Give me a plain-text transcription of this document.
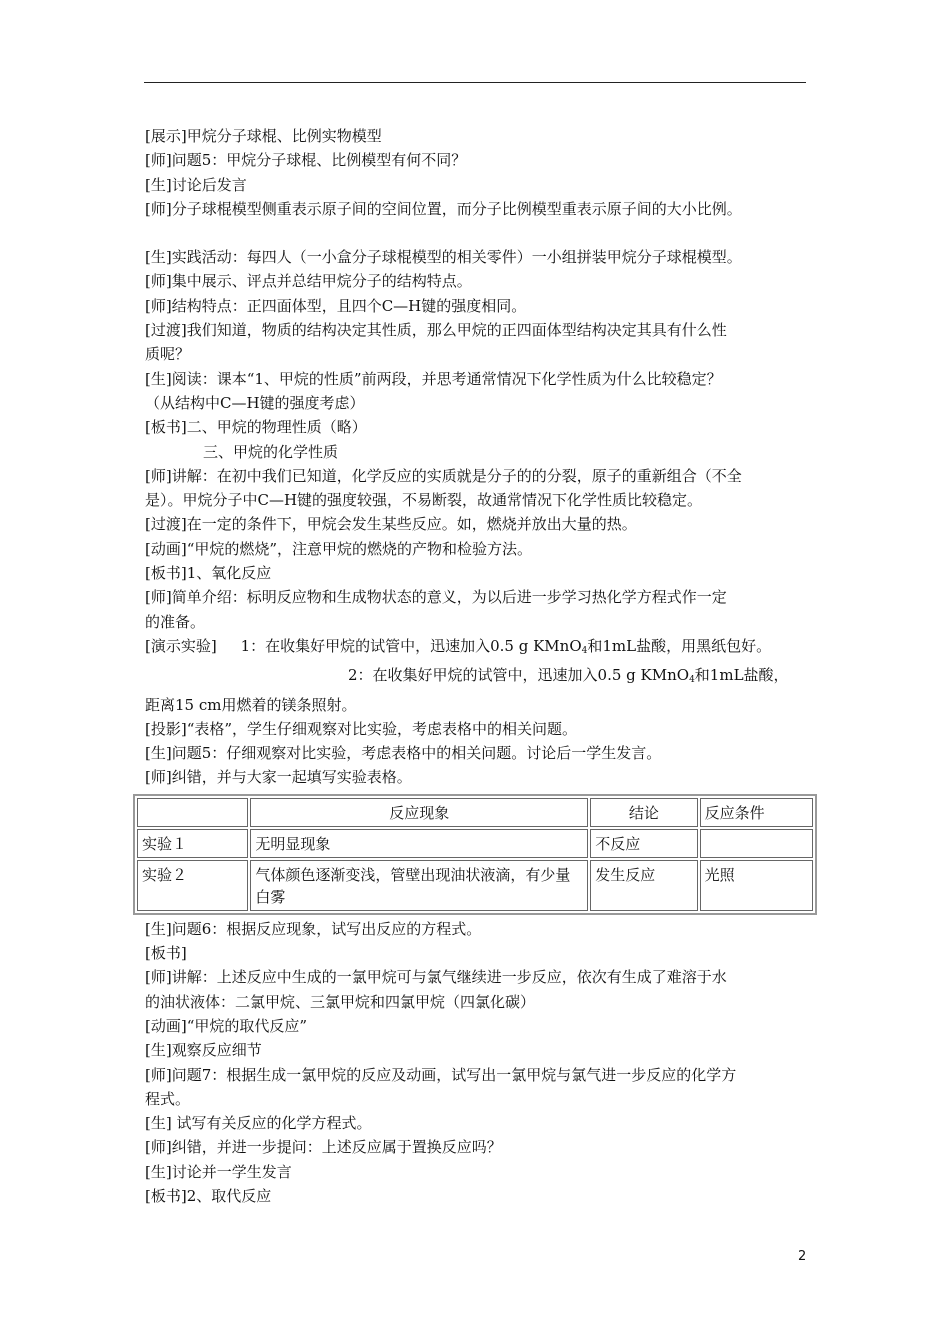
[展示]甲烷分子球棍、比例实物模型

[师]问题5：甲烷分子球棍、比例模型有何不同？

[生]讨论后发言

[师]分子球棍模型侧重表示原子间的空间位置，而分子比例模型重表示原子间的大小比例。

[生]实践活动：每四人（一小盒分子球棍模型的相关零件）一小组拼装甲烷分子球棍模型。

[师]集中展示、评点并总结甲烷分子的结构特点。

[师]结构特点：正四面体型，且四个C—H键的强度相同。

[过渡]我们知道，物质的结构决定其性质，那么甲烷的正四面体型结构决定其具有什么性

质呢？

[生]阅读：课本“1、甲烷的性质”前两段，并思考通常情况下化学性质为什么比较稳定？

（从结构中C—H键的强度考虑）

[板书]二、甲烷的物理性质（略）

三、甲烷的化学性质

[师]讲解：在初中我们已知道，化学反应的实质就是分子的的分裂，原子的重新组合（不全

是）。甲烷分子中C—H键的强度较强，不易断裂，故通常情况下化学性质比较稳定。

[过渡]在一定的条件下，甲烷会发生某些反应。如，燃烧并放出大量的热。

[动画]“甲烷的燃烧”，注意甲烷的燃烧的产物和检验方法。

[板书]1、氧化反应

[师]简单介绍：标明反应物和生成物状态的意义，为以后进一步学习热化学方程式作一定

的准备。

[演示实验] 1：在收集好甲烷的试管中，迅速加入0.5 g KMnO$_4$和1mL盐酸，用黑纸包好。

2：在收集好甲烷的试管中，迅速加入0.5 g KMnO$_4$和1mL盐酸，

距离15 cm用燃着的镁条照射。

[投影]“表格”，学生仔细观察对比实验，考虑表格中的相关问题。

[生]问题5：仔细观察对比实验，考虑表格中的相关问题。讨论后一学生发言。

[师]纠错，并与大家一起填写实验表格。

	反应现象	结论	反应条件
实验１	无明显现象	不反应	
实验２	气体颜色逐渐变浅，管壁出现油状液滴，有少量白雾	发生反应	光照

[生]问题6：根据反应现象，试写出反应的方程式。

[板书]

[师]讲解：上述反应中生成的一氯甲烷可与氯气继续进一步反应，依次有生成了难溶于水

的油状液体：二氯甲烷、三氯甲烷和四氯甲烷（四氯化碳）

[动画]“甲烷的取代反应”

[生]观察反应细节

[师]问题7：根据生成一氯甲烷的反应及动画，试写出一氯甲烷与氯气进一步反应的化学方

程式。

[生] 试写有关反应的化学方程式。

[师]纠错，并进一步提问：上述反应属于置换反应吗？

[生]讨论并一学生发言

[板书]2、取代反应

2
